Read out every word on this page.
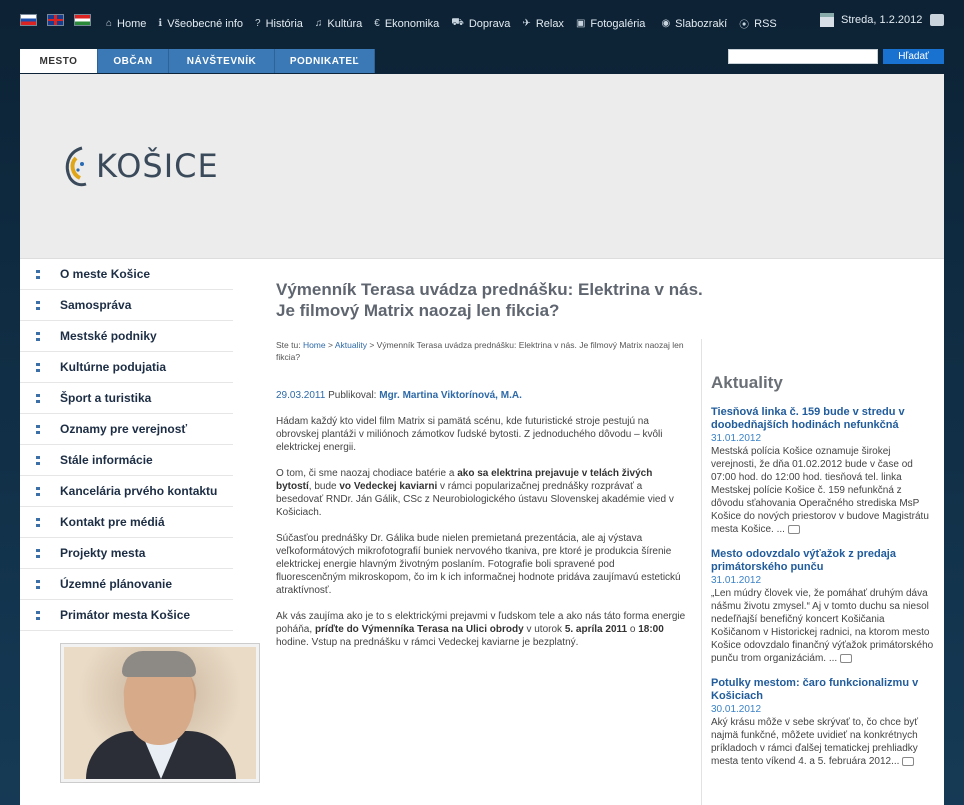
⌂ Home ℹ Všeobecné info ? História ♫ Kultúra € Ekonomika ⛟ Doprava ✈ Relax ▣ Fotogaléria ◉ Slabozrakí ⦿ RSS	Streda, 1.2.2012
MESTO	OBČAN	NÁVŠTEVNÍK	PODNIKATEĽ	Hľadať
KOŠICE
O meste Košice
Samospráva
Mestské podniky
Kultúrne podujatia
Šport a turistika
Oznamy pre verejnosť
Stále informácie
Kancelária prvého kontaktu
Kontakt pre médiá
Projekty mesta
Územné plánovanie
Primátor mesta Košice
Výmenník Terasa uvádza prednášku: Elektrina v nás. Je filmový Matrix naozaj len fikcia?
Ste tu: Home > Aktuality > Výmenník Terasa uvádza prednášku: Elektrina v nás. Je filmový Matrix naozaj len fikcia?
29.03.2011 Publikoval: Mgr. Martina Viktorínová, M.A.

Hádam každý kto videl film Matrix si pamätá scénu, kde futuristické stroje pestujú na obrovskej plantáži v miliónoch zámotkov ľudské bytosti. Z jednoduchého dôvodu – kvôli elektrickej energii.

O tom, či sme naozaj chodiace batérie a ako sa elektrina prejavuje v telách živých bytostí, bude vo Vedeckej kaviarni v rámci popularizačnej prednášky rozprávať a besedovať RNDr. Ján Gálik, CSc z Neurobiologického ústavu Slovenskej akadémie vied v Košiciach.

Súčasťou prednášky Dr. Gálika bude nielen premietaná prezentácia, ale aj výstava veľkoformátových mikrofotografií buniek nervového tkaniva, pre ktoré je produkcia šírenie elektrickej energie hlavným životným poslaním. Fotografie boli spravené pod fluorescenčným mikroskopom, čo im k ich informačnej hodnote pridáva zaujímavú estetickú atraktívnosť.

Ak vás zaujíma ako je to s elektrickými prejavmi v ľudskom tele a ako nás táto forma energie poháňa, príďte do Výmenníka Terasa na Ulici obrody v utorok 5. apríla 2011 o 18:00 hodine. Vstup na prednášku v rámci Vedeckej kaviarne je bezplatný.

Aktuality
Tiesňová linka č. 159 bude v stredu v doobedňajších hodinách nefunkčná
31.01.2012
Mestská polícia Košice oznamuje širokej verejnosti, že dňa 01.02.2012 bude v čase od 07:00 hod. do 12:00 hod. tiesňová tel. linka Mestskej polície Košice č. 159 nefunkčná z dôvodu sťahovania Operačného strediska MsP Košice do nových priestorov v budove Magistrátu mesta Košice. ...
Mesto odovzdalo výťažok z predaja primátorského punču
31.01.2012
„Len múdry človek vie, že pomáhať druhým dáva nášmu životu zmysel.“ Aj v tomto duchu sa niesol nedeľňajší benefičný koncert Košičania Košičanom v Historickej radnici, na ktorom mesto Košice odovzdalo finančný výťažok primátorského punču trom organizáciám. ...
Potulky mestom: čaro funkcionalizmu v Košiciach
30.01.2012
Aký krásu môže v sebe skrývať to, čo chce byť najmä funkčné, môžete uvidieť na konkrétnych príkladoch v rámci ďalšej tematickej prehliadky mesta tento víkend 4. a 5. februára 2012...
